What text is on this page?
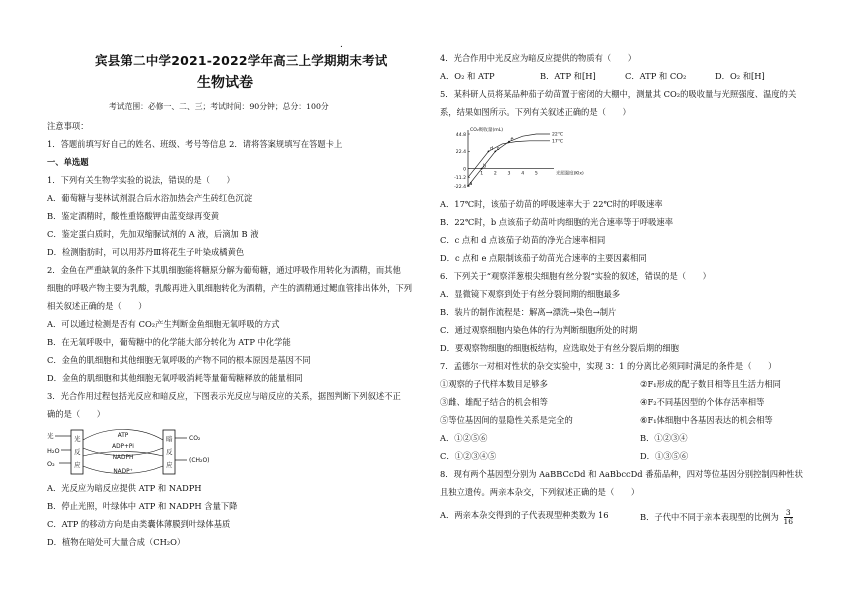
.
宾县第二中学2021-2022学年高三上学期期末考试
生物试卷
考试范围：必修一、二、三；考试时间：90分钟；总分：100分
注意事项：
1．答题前填写好自己的姓名、班级、考号等信息 2．请将答案规填写在答题卡上
一、单选题
1．下列有关生物学实验的说法，错误的是（　　）
A．葡萄糖与斐林试剂混合后水浴加热会产生砖红色沉淀
B．鉴定酒精时，酸性重铬酸钾由蓝变绿再变黄
C．鉴定蛋白质时，先加双缩脲试剂的 A 液，后滴加 B 液
D．检测脂肪时，可以用苏丹Ⅲ将花生子叶染成橘黄色
2．金鱼在严重缺氧的条件下其肌细胞能将糖原分解为葡萄糖，通过呼吸作用转化为酒精，而其他
细胞的呼吸产物主要为乳酸，乳酸再进入肌细胞转化为酒精，产生的酒精通过鳃血管排出体外，下列
相关叙述正确的是（　　）
A．可以通过检测是否有 CO₂产生判断金鱼细胞无氧呼吸的方式
B．在无氧呼吸中，葡萄糖中的化学能大部分转化为 ATP 中化学能
C．金鱼的肌细胞和其他细胞无氧呼吸的产物不同的根本原因是基因不同
D．金鱼的肌细胞和其他细胞无氧呼吸消耗等量葡萄糖释放的能量相同
3．光合作用过程包括光反应和暗反应，下图表示光反应与暗反应的关系，据图判断下列叙述不正
确的是（　　）
光
H₂O
O₂
光
反
应
ATP
ADP+Pi
NADPH
NADP⁺
暗
反
应
CO₂
(CH₂O)
A．光反应为暗反应提供 ATP 和 NADPH
B．停止光照，叶绿体中 ATP 和 NADPH 含量下降
C．ATP 的移动方向是由类囊体薄膜到叶绿体基质
D．植物在暗处可大量合成（CH₂O）
4．光合作用中光反应为暗反应提供的物质有（　　）
A．O₂ 和 ATP	B．ATP 和[H]	C．ATP 和 CO₂	D．O₂ 和[H]
5．某科研人员将某品种茄子幼苗置于密闭的大棚中，测量其 CO₂的吸收量与光照强度、温度的关
系，结果如图所示。下列有关叙述正确的是（　　）
44.8
22.4
0
-11.2
-22.4
1 2 3 4 5	光照强度(Klx)
CO₂吸收量(mL)
22℃
17℃
a
b
c
d
e
A．17℃时，该茄子幼苗的呼吸速率大于 22℃时的呼吸速率
B．22℃时，b 点该茄子幼苗叶肉细胞的光合速率等于呼吸速率
C．c 点和 d 点该茄子幼苗的净光合速率相同
D．c 点和 e 点限制该茄子幼苗光合速率的主要因素相同
6．下列关于“观察洋葱根尖细胞有丝分裂”实验的叙述，错误的是（　　）
A．显微镜下观察到处于有丝分裂间期的细胞最多
B．装片的制作流程是：解离→漂洗→染色→制片
C．通过观察细胞内染色体的行为判断细胞所处的时期
D．要观察物细胞的细胞板结构，应选取处于有丝分裂后期的细胞
7．孟德尔一对相对性状的杂交实验中，实现 3：1 的分离比必须同时满足的条件是（　　）
①观察的子代样本数目足够多	②F₁形成的配子数目相等且生活力相同
③雌、雄配子结合的机会相等	④F₂不同基因型的个体存活率相等
⑤等位基因间的显隐性关系是完全的	⑥F₁体细胞中各基因表达的机会相等
A．①②⑤⑥	B．①②③④
C．①②③④⑤	D．①③⑤⑥
8．现有两个基因型分别为 AaBBCcDd 和 AaBbccDd 番茄品种，四对等位基因分别控制四种性状
且独立遗传。两亲本杂交，下列叙述正确的是（　　）
A．两亲本杂交得到的子代表现型种类数为 16	B．子代中不同于亲本表现型的比例为 $\frac{3}{16}$
